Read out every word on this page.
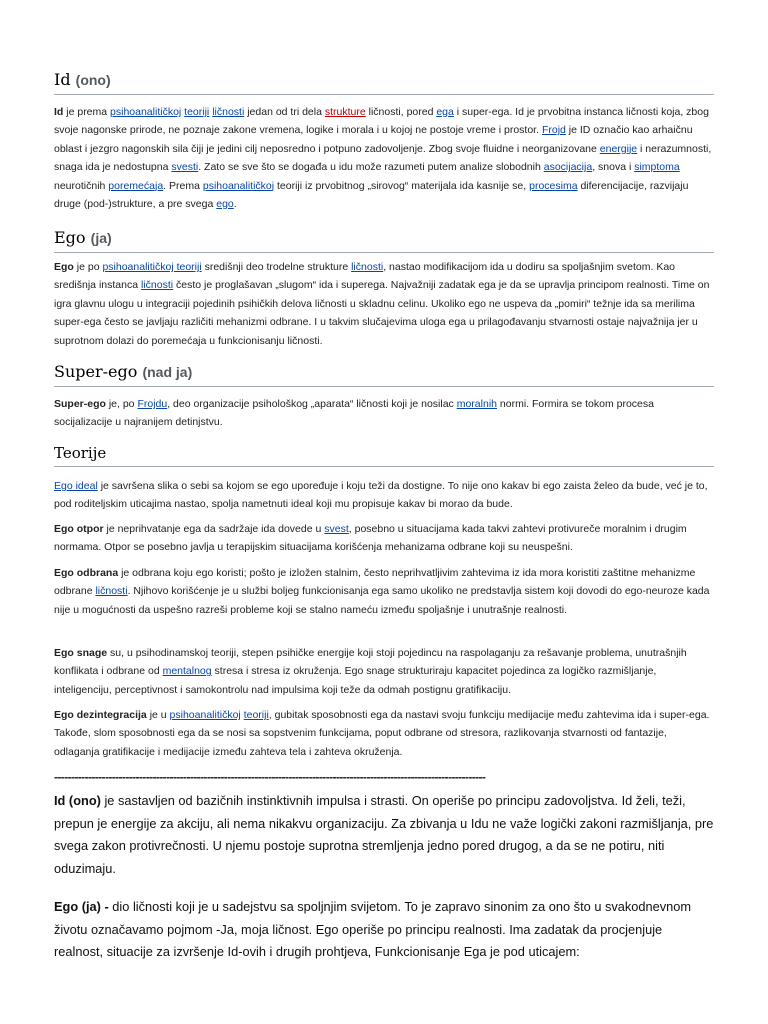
Id (ono)

Id je prema psihoanalitičkoj teoriji ličnosti jedan od tri dela strukture ličnosti, pored ega i super-ega. Id je prvobitna instanca ličnosti koja, zbog svoje nagonske prirode, ne poznaje zakone vremena, logike i morala i u kojoj ne postoje vreme i prostor. Frojd je ID označio kao arhaičnu oblast i jezgro nagonskih sila čiji je jedini cilj neposredno i potpuno zadovoljenje. Zbog svoje fluidne i neorganizovane energije i nerazumnosti, snaga ida je nedostupna svesti. Zato se sve što se događa u idu može razumeti putem analize slobodnih asocijacija, snova i simptoma neurotičnih poremećaja. Prema psihoanalitičkoj teoriji iz prvobitnog „sirovog“ materijala ida kasnije se, procesima diferencijacije, razvijaju druge (pod-)strukture, a pre svega ego.

Ego (ja)

Ego je po psihoanalitičkoj teoriji središnji deo trodelne strukture ličnosti, nastao modifikacijom ida u dodiru sa spoljašnjim svetom. Kao središnja instanca ličnosti često je proglašavan „slugom“ ida i superega. Najvažniji zadatak ega je da se upravlja principom realnosti. Time on igra glavnu ulogu u integraciji pojedinih psihičkih delova ličnosti u skladnu celinu. Ukoliko ego ne uspeva da „pomiri“ težnje ida sa merilima super-ega često se javljaju različiti mehanizmi odbrane. I u takvim slučajevima uloga ega u prilagođavanju stvarnosti ostaje najvažnija jer u suprotnom dolazi do poremećaja u funkcionisanju ličnosti.

Super-ego (nad ja)

Super-ego je, po Frojdu, deo organizacije psihološkog „aparata“ ličnosti koji je nosilac moralnih normi. Formira se tokom procesa socijalizacije u najranijem detinjstvu.

Teorije

Ego ideal je savršena slika o sebi sa kojom se ego upoređuje i koju teži da dostigne. To nije ono kakav bi ego zaista želeo da bude, već je to, pod roditeljskim uticajima nastao, spolja nametnuti ideal koji mu propisuje kakav bi morao da bude.

Ego otpor je neprihvatanje ega da sadržaje ida dovede u svest, posebno u situacijama kada takvi zahtevi protivureče moralnim i drugim normama. Otpor se posebno javlja u terapijskim situacijama korišćenja mehanizama odbrane koji su neuspešni.

Ego odbrana je odbrana koju ego koristi; pošto je izložen stalnim, često neprihvatljivim zahtevima iz ida mora koristiti zaštitne mehanizme odbrane ličnosti. Njihovo korišćenje je u službi boljeg funkcionisanja ega samo ukoliko ne predstavlja sistem koji dovodi do ego-neuroze kada nije u mogućnosti da uspešno razreši probleme koji se stalno nameću između spoljašnje i unutrašnje realnosti.

Ego snage su, u psihodinamskoj teoriji, stepen psihičke energije koji stoji pojedincu na raspolaganju za rešavanje problema, unutrašnjih konflikata i odbrane od mentalnog stresa i stresa iz okruženja. Ego snage strukturiraju kapacitet pojedinca za logičko razmišljanje, inteligenciju, perceptivnost i samokontrolu nad impulsima koji teže da odmah postignu gratifikaciju.

Ego dezintegracija je u psihoanalitičkoj teoriji, gubitak sposobnosti ega da nastavi svoju funkciju medijacije među zahtevima ida i super-ega. Takođe, slom sposobnosti ega da se nosi sa sopstvenim funkcijama, poput odbrane od stresora, razlikovanja stvarnosti od fantazije, odlaganja gratifikacije i medijacije između zahteva tela i zahteva okruženja.

-------------------------------------------------------------------------------------------------------------------------------

Id (ono) je sastavljen od bazičnih instinktivnih impulsa i strasti. On operiše po principu zadovoljstva. Id želi, teži, prepun je energije za akciju, ali nema nikakvu organizaciju. Za zbivanja u Idu ne važe logički zakoni razmišljanja, pre svega zakon protivrečnosti. U njemu postoje suprotna stremljenja jedno pored drugog, a da se ne potiru, niti oduzimaju.

Ego (ja) - dio ličnosti koji je u sadejstvu sa spoljnjim svijetom. To je zapravo sinonim za ono što u svakodnevnom životu označavamo pojmom -Ja, moja ličnost. Ego operiše po principu realnosti. Ima zadatak da procjenjuje realnost, situacije za izvršenje Id-ovih i drugih prohtjeva, Funkcionisanje Ega je pod uticajem:
